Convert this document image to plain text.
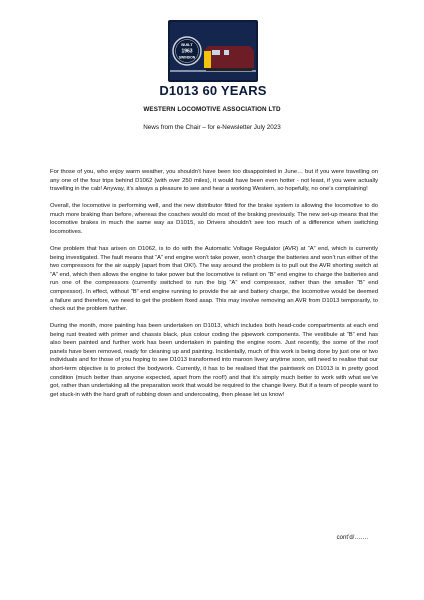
BUILT
1963
SWINDON
D1013 60 YEARS
WESTERN LOCOMOTIVE ASSOCIATION LTD
News from the Chair – for e-Newsletter July 2023

For those of you, who enjoy warm weather, you shouldn’t have been too disappointed in June… but if you were travelling on any one of the four trips behind D1062 (with over 250 miles), it would have been even hotter - not least, if you were actually travelling in the cab! Anyway, it’s always a pleasure to see and hear a working Western, so hopefully, no one’s complaining!

Overall, the locomotive is performing well, and the new distributor fitted for the brake system is allowing the locomotive to do much more braking than before, whereas the coaches would do most of the braking previously. The new set-up means that the locomotive brakes in much the same way as D1015, so Drivers shouldn’t see too much of a difference when switching locomotives.

One problem that has arisen on D1062, is to do with the Automatic Voltage Regulator (AVR) at “A” end, which is currently being investigated. The fault means that “A” end engine won’t take power, won’t charge the batteries and won’t run either of the two compressors for the air supply (apart from that OK!). The way around the problem is to pull out the AVR shorting switch at “A” end, which then allows the engine to take power but the locomotive is reliant on “B” end engine to charge the batteries and run one of the compressors (currently switched to run the big “A” end compressor, rather than the smaller “B” end compressor). In effect, without “B” end engine running to provide the air and battery charge, the locomotive would be deemed a failure and therefore, we need to get the problem fixed asap. This may involve removing an AVR from D1013 temporarily, to check out the problem further.

During the month, more painting has been undertaken on D1013, which includes both head-code compartments at each end being rust treated with primer and chassis black, plus colour coding the pipework components. The vestibule at “B” end has also been painted and further work has been undertaken in painting the engine room. Just recently, the some of the roof panels have been removed, ready for cleaning up and painting. Incidentally, much of this work is being done by just one or two individuals and for those of you hoping to see D1013 transformed into maroon livery anytime soon, will need to realise that our short-term objective is to protect the bodywork. Currently, it has to be realised that the paintwork on D1013 is in pretty good condition (much better than anyone expected, apart from the roof!) and that it’s simply much better to work with what we’ve got, rather than undertaking all the preparation work that would be required to the change livery. But if a team of people want to get stuck-in with the hard graft of rubbing down and undercoating, then please let us know!

cont’d/…….
